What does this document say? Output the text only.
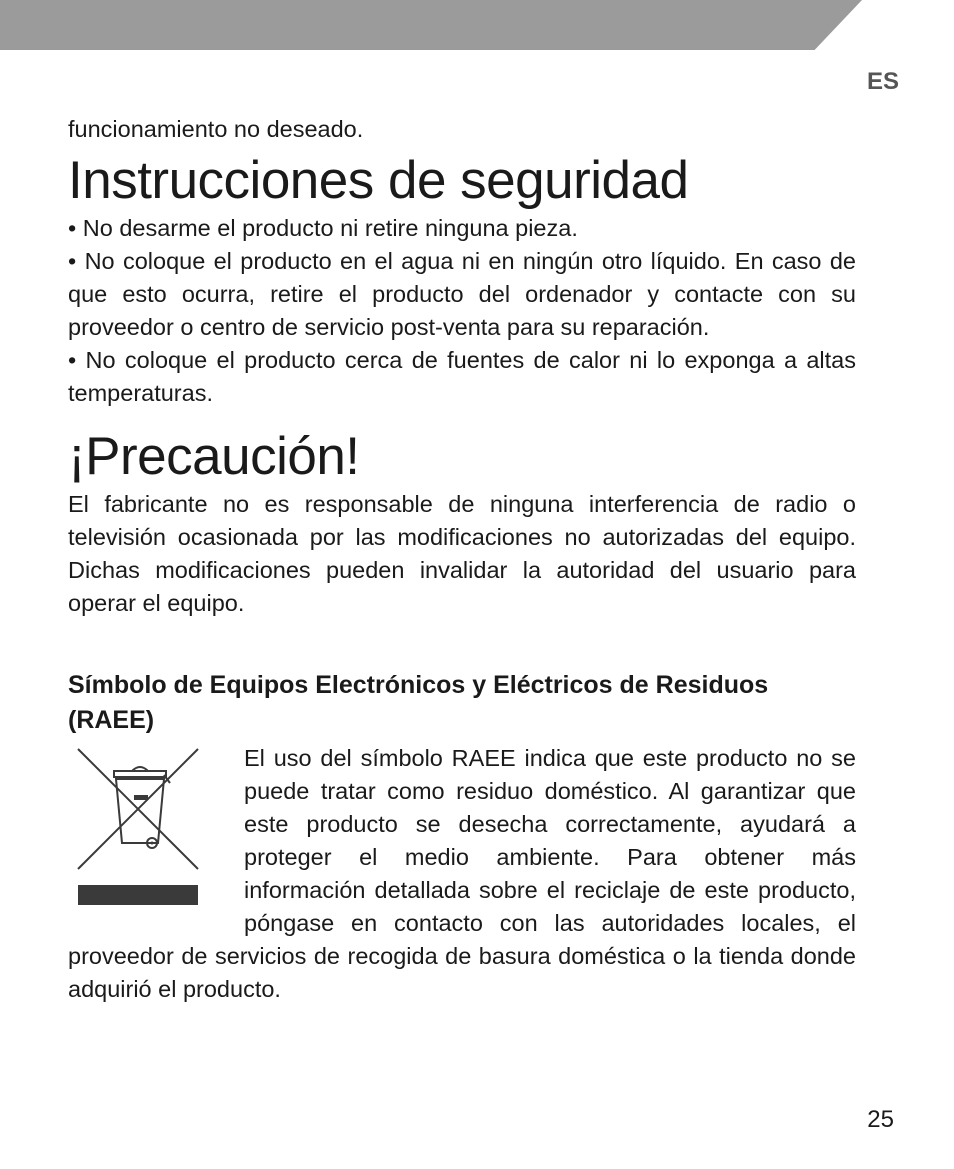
ES

funcionamiento no deseado.

Instrucciones de seguridad

• No desarme el producto ni retire ninguna pieza.

• No coloque el producto en el agua ni en ningún otro líquido. En caso de que esto ocurra, retire el producto del ordenador y contacte con su proveedor o centro de servicio post-venta para su reparación.

• No coloque el producto cerca de fuentes de calor ni lo exponga a altas temperaturas.

¡Precaución!

El fabricante no es responsable de ninguna interferencia de radio o televisión ocasionada por las modificaciones no autorizadas del equipo. Dichas modificaciones pueden invalidar la autoridad del usuario para operar el equipo.

Símbolo de Equipos Electrónicos y Eléctricos de Residuos (RAEE)

El uso del símbolo RAEE indica que este producto no se puede tratar como residuo doméstico. Al garantizar que este producto se desecha correctamente, ayudará a proteger el medio ambiente. Para obtener más información detallada sobre el reciclaje de este producto, póngase en contacto con las autoridades locales, el proveedor de servicios de recogida de basura doméstica o la tienda donde adquirió el producto.

25
